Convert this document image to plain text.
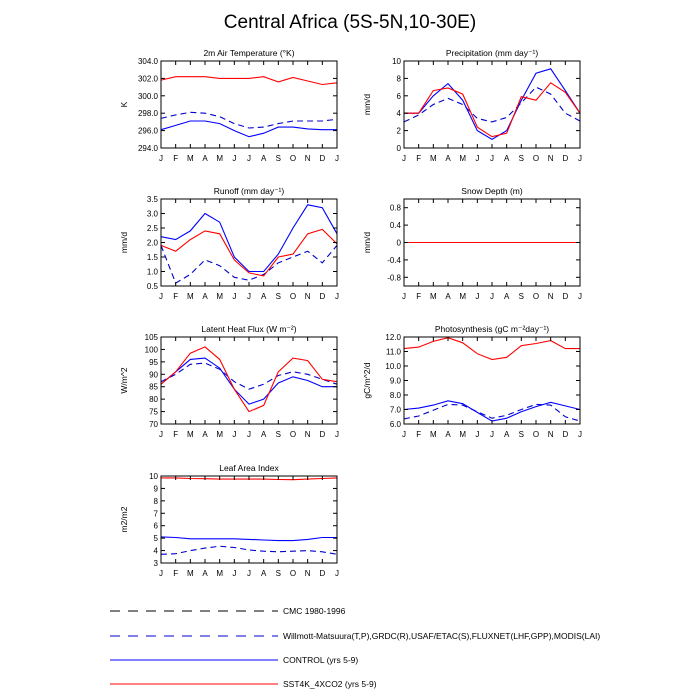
Central Africa (5S-5N,10-30E)
J F M A M J J A S O N D J
294.0
296.0
298.0
300.0
302.0
304.0
2m Air Temperature (°K)
K
J F M A M J J A S O N D J
0
2
4
6
8
10
Precipitation (mm day⁻¹)
mm/d
J F M A M J J A S O N D J
0.5
1.0
1.5
2.0
2.5
3.0
3.5
Runoff (mm day⁻¹)
mm/d
J F M A M J J A S O N D J
-0.8
-0.4
0
0.4
0.8
Snow Depth (m)
mm/d
J F M A M J J A S O N D J
70
75
80
85
90
95
100
105
Latent Heat Flux (W m⁻²)
W/m^2
J F M A M J J A S O N D J
6.0
7.0
8.0
9.0
10.0
11.0
12.0
Photosynthesis (gC m⁻²day⁻¹)
gC/m^2/d
J F M A M J J A S O N D J
3
4
5
6
7
8
9
10
Leaf Area Index
m2/m2
CMC 1980-1996
Willmott-Matsuura(T,P),GRDC(R),USAF/ETAC(S),FLUXNET(LHF,GPP),MODIS(LAI)
CONTROL (yrs 5-9)
SST4K_4XCO2 (yrs 5-9)
